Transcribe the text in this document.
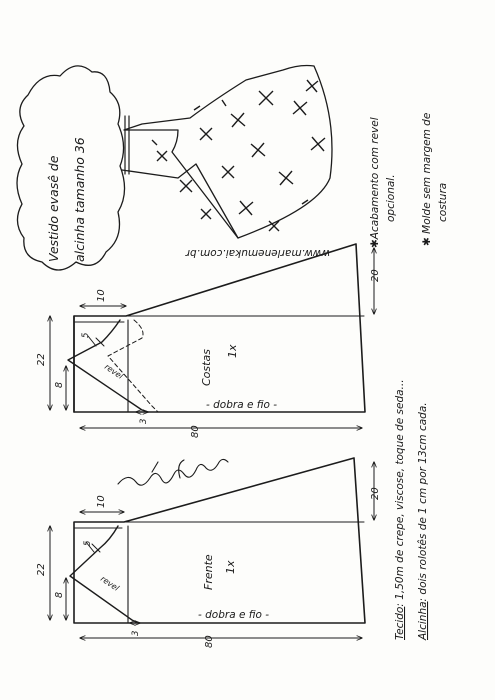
Vestido evasê de alcinha tamanho 36	www.marlenemukai.com.br
✱Acabamento com revel opcional. ✱ Molde sem margem de costura
Tecido: 1,50m de crepe, viscose, toque de seda...
Alcinha: dois rolotês de 1 cm por 13cm cada.
5
10
22
8
20
80
3
Costas 1x
- dobra e fio -
revel
5
10
22
8
20
80
3
Frente 1x
- dobra e fio -
revel
